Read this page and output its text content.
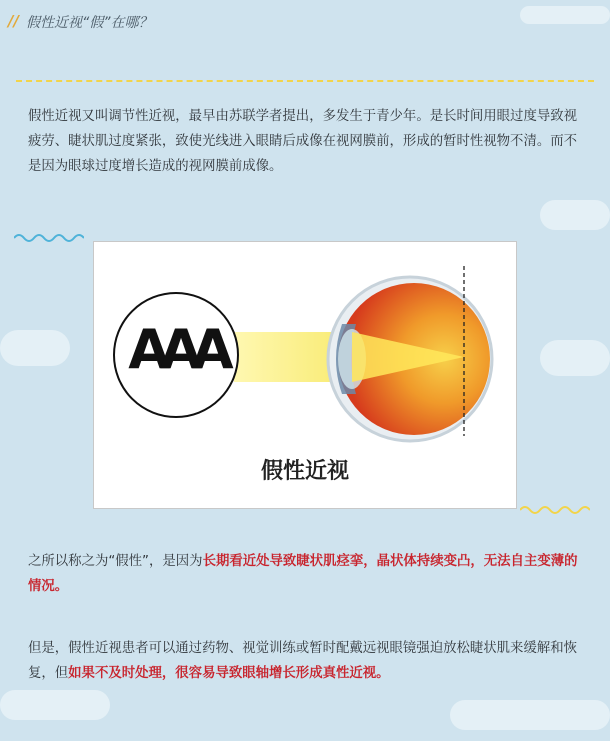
// 假性近视“假”在哪？
假性近视又叫调节性近视，最早由苏联学者提出，多发生于青少年。是长时间用眼过度导致视疲劳、睫状肌过度紧张，致使光线进入眼睛后成像在视网膜前，形成的暂时性视物不清。而不是因为眼球过度增长造成的视网膜前成像。
AAA
假性近视
之所以称之为“假性”，是因为长期看近处导致睫状肌痉挛，晶状体持续变凸，无法自主变薄的情况。
但是，假性近视患者可以通过药物、视觉训练或暂时配戴远视眼镜强迫放松睫状肌来缓解和恢复，但如果不及时处理，很容易导致眼轴增长形成真性近视。
